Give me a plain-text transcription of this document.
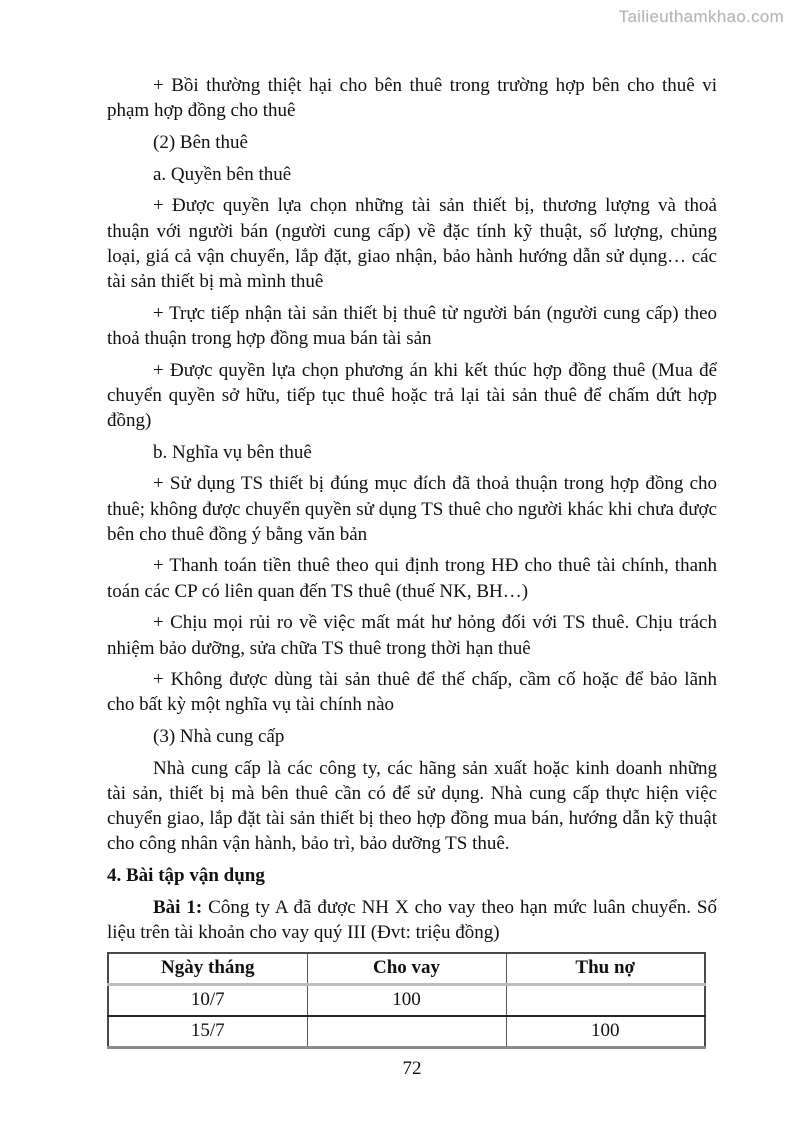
Tailieuthamkhao.com

+ Bồi thường thiệt hại cho bên thuê trong trường hợp bên cho thuê vi phạm hợp đồng cho thuê

(2) Bên thuê

a. Quyền bên thuê

+ Được quyền lựa chọn những tài sản thiết bị, thương lượng và thoả thuận với người bán (người cung cấp) về đặc tính kỹ thuật, số lượng, chủng loại, giá cả vận chuyển, lắp đặt, giao nhận, bảo hành hướng dẫn sử dụng… các tài sản thiết bị mà mình thuê

+ Trực tiếp nhận tài sản thiết bị thuê từ người bán (người cung cấp) theo thoả thuận trong hợp đồng mua bán tài sản

+ Được quyền lựa chọn phương án khi kết thúc hợp đồng thuê (Mua để chuyển quyền sở hữu, tiếp tục thuê hoặc trả lại tài sản thuê để chấm dứt hợp đồng)

b. Nghĩa vụ bên thuê

+ Sử dụng TS thiết bị đúng mục đích đã thoả thuận trong hợp đồng cho thuê; không được chuyển quyền sử dụng TS thuê cho người khác khi chưa được bên cho thuê đồng ý bằng văn bản

+ Thanh toán tiền thuê theo qui định trong HĐ cho thuê tài chính, thanh toán các CP có liên quan đến TS thuê (thuế NK, BH…)

+ Chịu mọi rủi ro về việc mất mát hư hỏng đối với TS thuê. Chịu trách nhiệm bảo dưỡng, sửa chữa TS thuê trong thời hạn thuê

+ Không được dùng tài sản thuê để thế chấp, cầm cố hoặc để bảo lãnh cho bất kỳ một nghĩa vụ tài chính nào

(3) Nhà cung cấp

Nhà cung cấp là các công ty, các hãng sản xuất hoặc kinh doanh những tài sản, thiết bị mà bên thuê cần có để sử dụng. Nhà cung cấp thực hiện việc chuyển giao, lắp đặt tài sản thiết bị theo hợp đồng mua bán, hướng dẫn kỹ thuật cho công nhân vận hành, bảo trì, bảo dưỡng TS thuê.

4. Bài tập vận dụng

Bài 1: Công ty A đã được NH X cho vay theo hạn mức luân chuyển. Số liệu trên tài khoản cho vay quý III (Đvt: triệu đồng)

Ngày tháng	Cho vay	Thu nợ
10/7	100	
15/7		100
72
